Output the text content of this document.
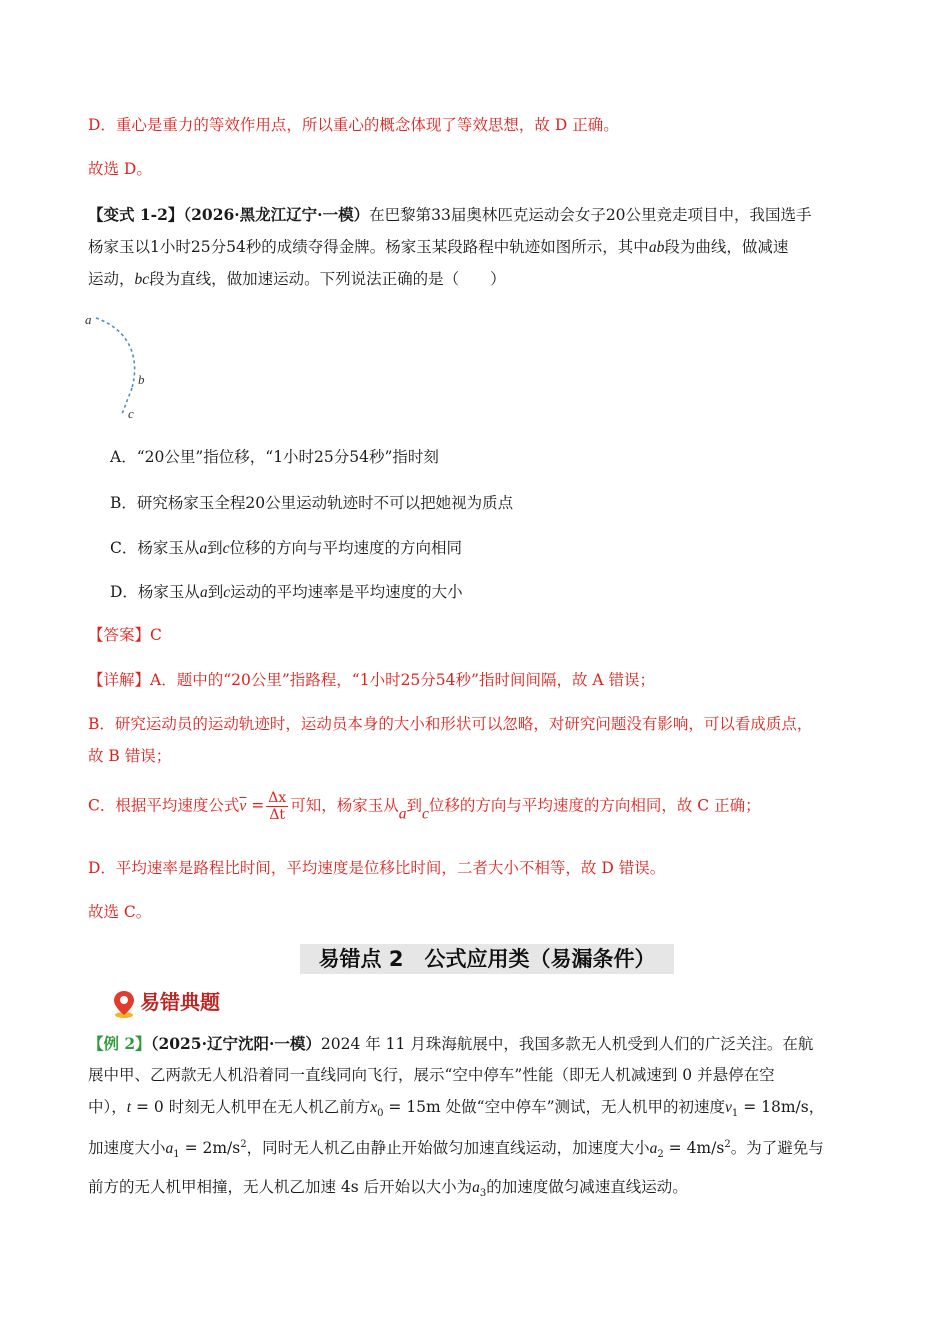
D．重心是重力的等效作用点，所以重心的概念体现了等效思想，故 D 正确。
故选 D。
【变式 1-2】（2026·黑龙江辽宁·一模）在巴黎第33届奥林匹克运动会女子20公里竞走项目中，我国选手
杨家玉以1小时25分54秒的成绩夺得金牌。杨家玉某段路程中轨迹如图所示，其中ab段为曲线，做减速
运动，bc段为直线，做加速运动。下列说法正确的是（　　）
a
b
c
A．“20公里”指位移，“1小时25分54秒”指时刻
B．研究杨家玉全程20公里运动轨迹时不可以把她视为质点
C．杨家玉从a到c位移的方向与平均速度的方向相同
D．杨家玉从a到c运动的平均速率是平均速度的大小
【答案】C
【详解】A．题中的“20公里”指路程，“1小时25分54秒”指时间间隔，故 A 错误；
B．研究运动员的运动轨迹时，运动员本身的大小和形状可以忽略，对研究问题没有影响，可以看成质点，
故 B 错误；
C．根据平均速度公式$\overline{v} = \frac{\Delta x}{\Delta t}$ 可知，杨家玉从a到c位移的方向与平均速度的方向相同，故 C 正确；
D．平均速率是路程比时间，平均速度是位移比时间，二者大小不相等，故 D 错误。
故选 C。
易错点 2　公式应用类（易漏条件）
易错典题
【例 2】（2025·辽宁沈阳·一模）2024 年 11 月珠海航展中，我国多款无人机受到人们的广泛关注。在航
展中甲、乙两款无人机沿着同一直线同向飞行，展示“空中停车”性能（即无人机减速到 0 并悬停在空
中），t = 0 时刻无人机甲在无人机乙前方$x_0 = 15m$ 处做“空中停车”测试，无人机甲的初速度$v_1 = 18m/s$，
加速度大小$a_1 = 2m/s^2$，同时无人机乙由静止开始做匀加速直线运动，加速度大小$a_2 = 4m/s^2$。为了避免与
前方的无人机甲相撞，无人机乙加速 4s 后开始以大小为$a_3$的加速度做匀减速直线运动。
